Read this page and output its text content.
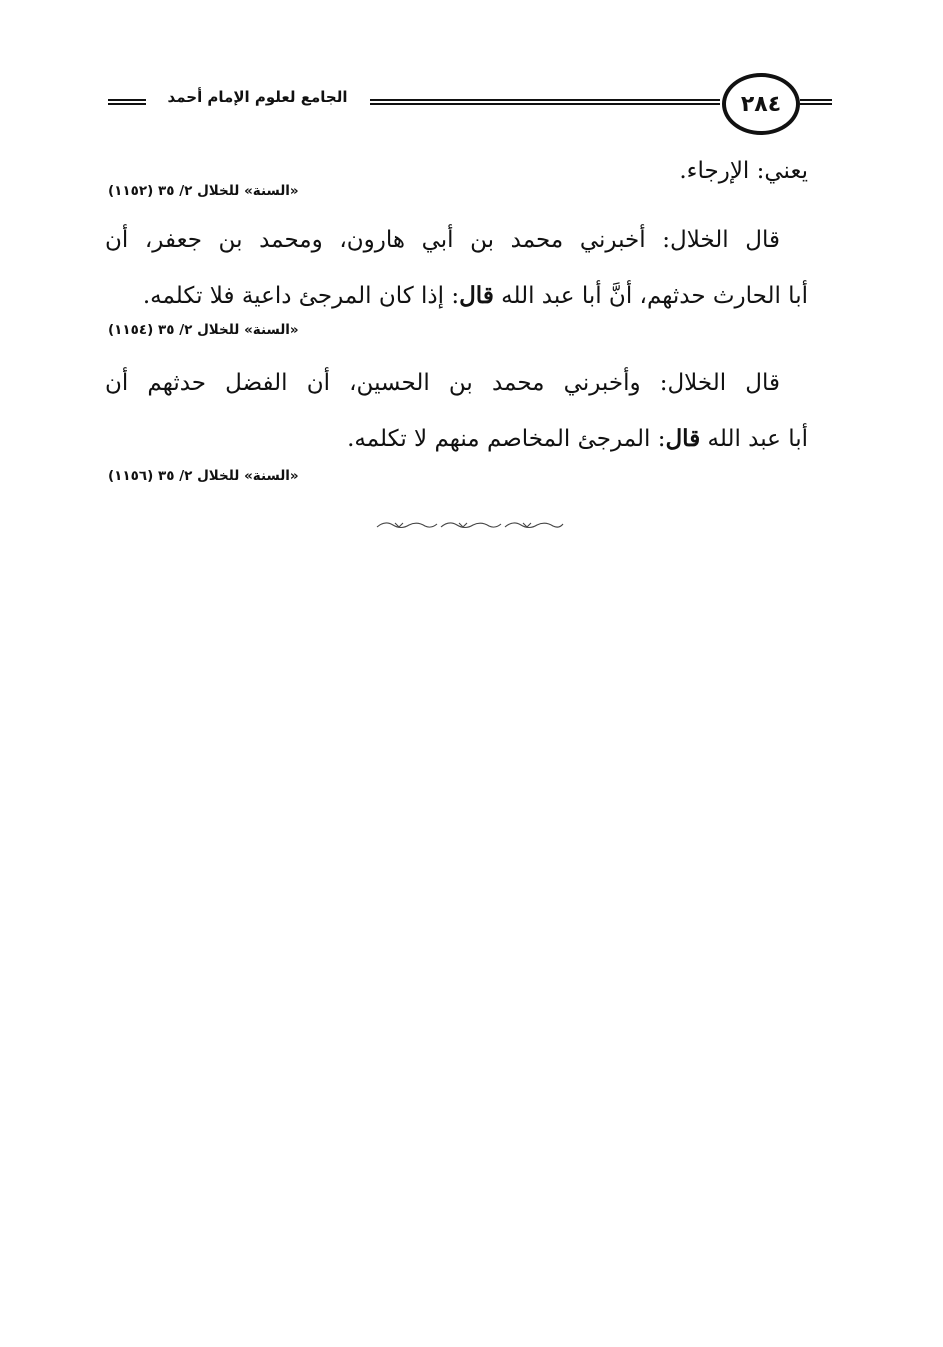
الجامع لعلوم الإمام أحمد	٢٨٤
يعني: الإرجاء.
«السنة» للخلال ٢/ ٣٥ (١١٥٢)
قال الخلال: أخبرني محمد بن أبي هارون، ومحمد بن جعفر، أن
أبا الحارث حدثهم، أنَّ أبا عبد الله قال: إذا كان المرجئ داعية فلا تكلمه.
«السنة» للخلال ٢/ ٣٥ (١١٥٤)
قال الخلال: وأخبرني محمد بن الحسين، أن الفضل حدثهم أن
أبا عبد الله قال: المرجئ المخاصم منهم لا تكلمه.
«السنة» للخلال ٢/ ٣٥ (١١٥٦)
